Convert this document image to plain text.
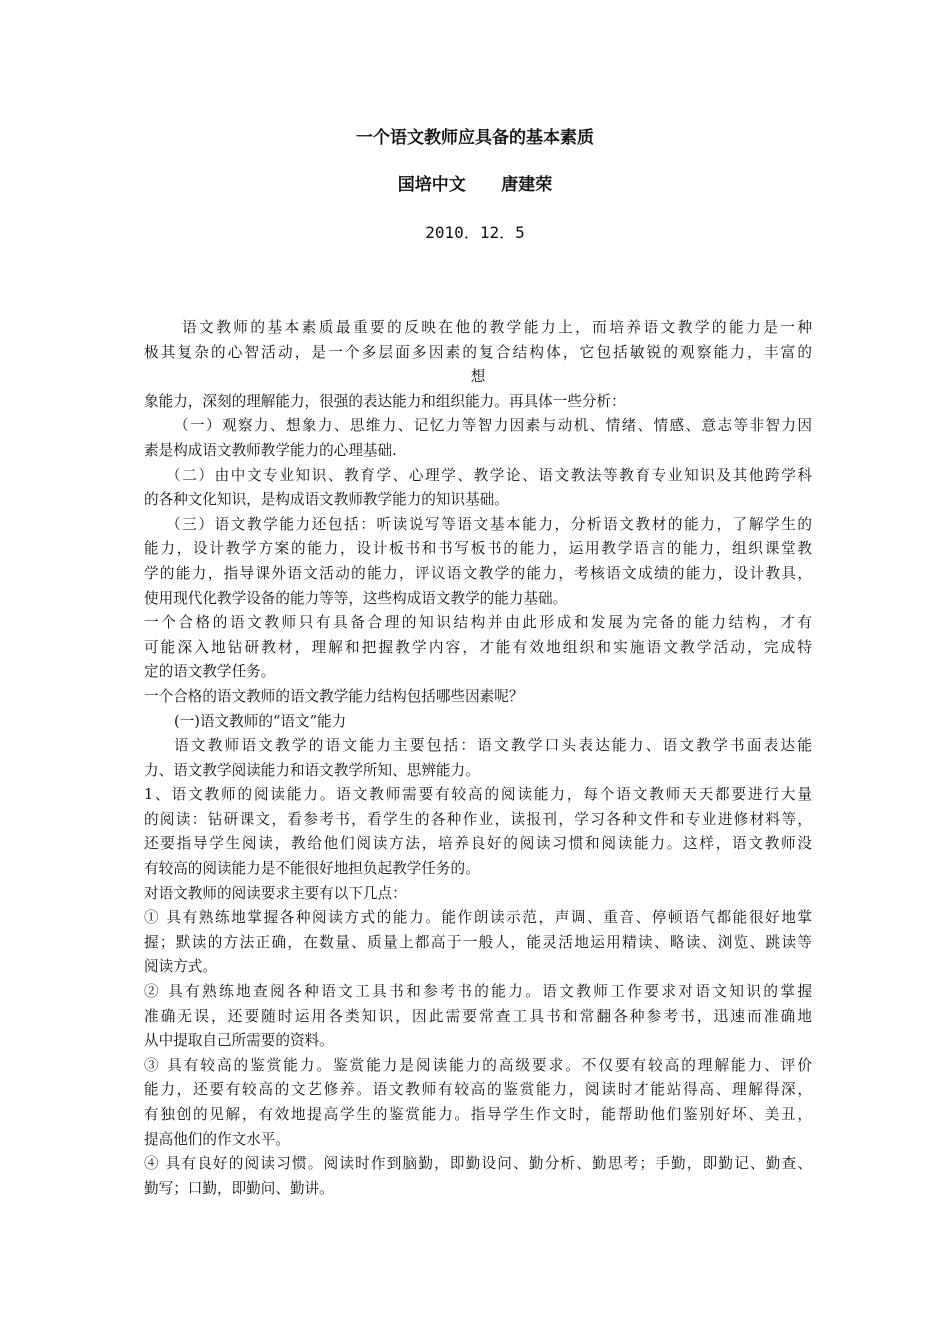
一个语文教师应具备的基本素质
国培中文      唐建荣
2010．12．5
语文教师的基本素质最重要的反映在他的教学能力上，而培养语文教学的能力是一种
极其复杂的心智活动，是一个多层面多因素的复合结构体，它包括敏锐的观察能力，丰富的
想
象能力，深刻的理解能力，很强的表达能力和组织能力。再具体一些分析：
（一）观察力、想象力、思维力、记忆力等智力因素与动机、情绪、情感、意志等非智力因
素是构成语文教师教学能力的心理基础.
（二）由中文专业知识、教育学、心理学、教学论、语文教法等教育专业知识及其他跨学科
的各种文化知识，是构成语文教师教学能力的知识基础。
（三）语文教学能力还包括：听读说写等语文基本能力，分析语文教材的能力，了解学生的
能力，设计教学方案的能力，设计板书和书写板书的能力，运用教学语言的能力，组织课堂教
学的能力，指导课外语文活动的能力，评议语文教学的能力，考核语文成绩的能力，设计教具，
使用现代化教学设备的能力等等，这些构成语文教学的能力基础。
一个合格的语文教师只有具备合理的知识结构并由此形成和发展为完备的能力结构，才有
可能深入地钻研教材，理解和把握教学内容，才能有效地组织和实施语文教学活动，完成特
定的语文教学任务。
一个合格的语文教师的语文教学能力结构包括哪些因素呢？
(一)语文教师的“语文”能力
语文教师语文教学的语文能力主要包括：语文教学口头表达能力、语文教学书面表达能
力、语文教学阅读能力和语文教学所知、思辨能力。
1、语文教师的阅读能力。语文教师需要有较高的阅读能力，每个语文教师天天都要进行大量
的阅读：钻研课文，看参考书，看学生的各种作业，读报刊，学习各种文件和专业进修材料等，
还要指导学生阅读，教给他们阅读方法，培养良好的阅读习惯和阅读能力。这样，语文教师没
有较高的阅读能力是不能很好地担负起教学任务的。
对语文教师的阅读要求主要有以下几点：
① 具有熟练地掌握各种阅读方式的能力。能作朗读示范，声调、重音、停顿语气都能很好地掌
握；默读的方法正确，在数量、质量上都高于一般人，能灵活地运用精读、略读、浏览、跳读等
阅读方式。
② 具有熟练地查阅各种语文工具书和参考书的能力。语文教师工作要求对语文知识的掌握
准确无误，还要随时运用各类知识，因此需要常查工具书和常翻各种参考书，迅速而准确地
从中提取自己所需要的资料。
③ 具有较高的鉴赏能力。鉴赏能力是阅读能力的高级要求。不仅要有较高的理解能力、评价
能力，还要有较高的文艺修养。语文教师有较高的鉴赏能力，阅读时才能站得高、理解得深，
有独创的见解，有效地提高学生的鉴赏能力。指导学生作文时，能帮助他们鉴别好坏、美丑，
提高他们的作文水平。
④ 具有良好的阅读习惯。阅读时作到脑勤，即勤设问、勤分析、勤思考；手勤，即勤记、勤查、
勤写；口勤，即勤问、勤讲。
